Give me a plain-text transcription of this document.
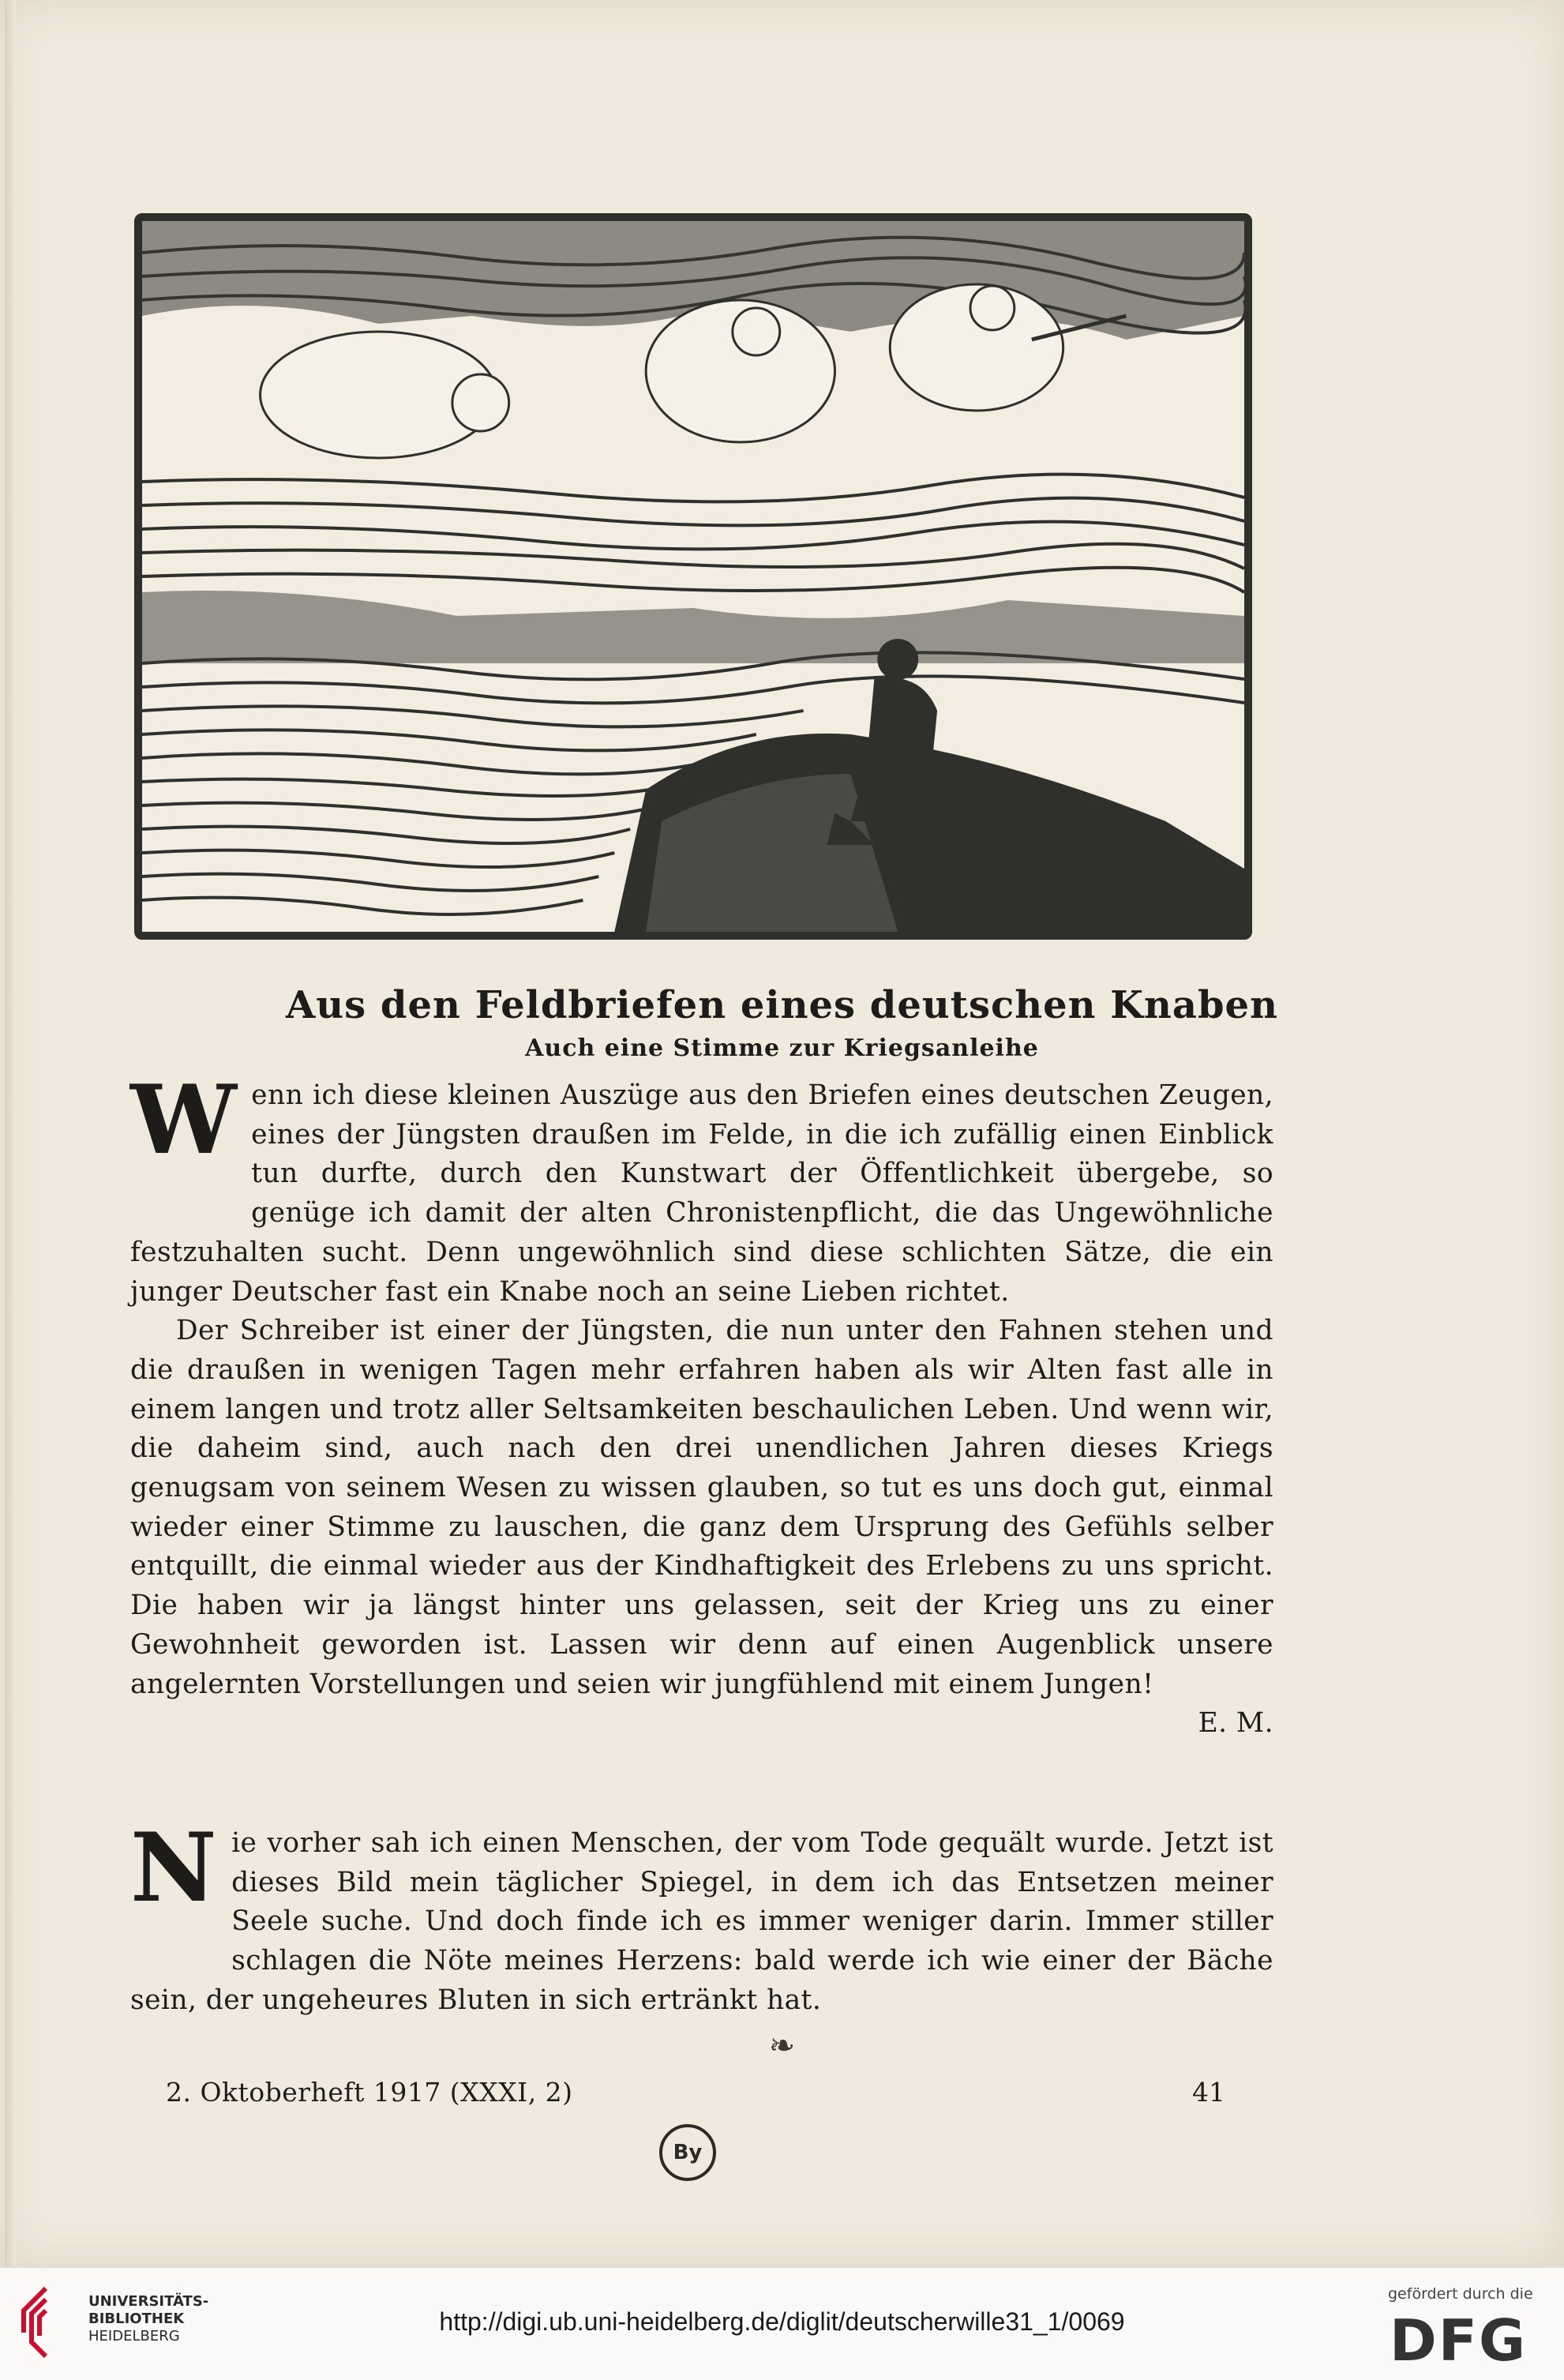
Aus den Feldbriefen eines deutschen Knaben
Auch eine Stimme zur Kriegsanleihe
Wenn ich diese kleinen Auszüge aus den Briefen eines deutschen Zeugen, eines der Jüngsten draußen im Felde, in die ich zufällig einen Einblick tun durfte, durch den Kunstwart der Öffentlichkeit übergebe, so genüge ich damit der alten Chronistenpflicht, die das Ungewöhnliche festzuhalten sucht. Denn ungewöhnlich sind diese schlichten Sätze, die ein junger Deutscher fast ein Knabe noch an seine Lieben richtet.
Der Schreiber ist einer der Jüngsten, die nun unter den Fahnen stehen und die draußen in wenigen Tagen mehr erfahren haben als wir Alten fast alle in einem langen und trotz aller Seltsamkeiten beschaulichen Leben. Und wenn wir, die daheim sind, auch nach den drei unendlichen Jahren dieses Kriegs genugsam von seinem Wesen zu wissen glauben, so tut es uns doch gut, einmal wieder einer Stimme zu lauschen, die ganz dem Ursprung des Gefühls selber entquillt, die einmal wieder aus der Kindhaftigkeit des Erlebens zu uns spricht. Die haben wir ja längst hinter uns gelassen, seit der Krieg uns zu einer Gewohnheit geworden ist. Lassen wir denn auf einen Augenblick unsere angelernten Vorstellungen und seien wir jungfühlend mit einem Jungen!
E. M.
Nie vorher sah ich einen Menschen, der vom Tode gequält wurde. Jetzt ist dieses Bild mein täglicher Spiegel, in dem ich das Entsetzen meiner Seele suche. Und doch finde ich es immer weniger darin. Immer stiller schlagen die Nöte meines Herzens: bald werde ich wie einer der Bäche sein, der ungeheures Bluten in sich ertränkt hat.
❧
2. Oktoberheft 1917 (XXXI, 2)	41
By
UNIVERSITÄTS-
BIBLIOTHEK
HEIDELBERG
http://digi.ub.uni-heidelberg.de/diglit/deutscherwille31_1/0069
gefördert durch die
DFG
